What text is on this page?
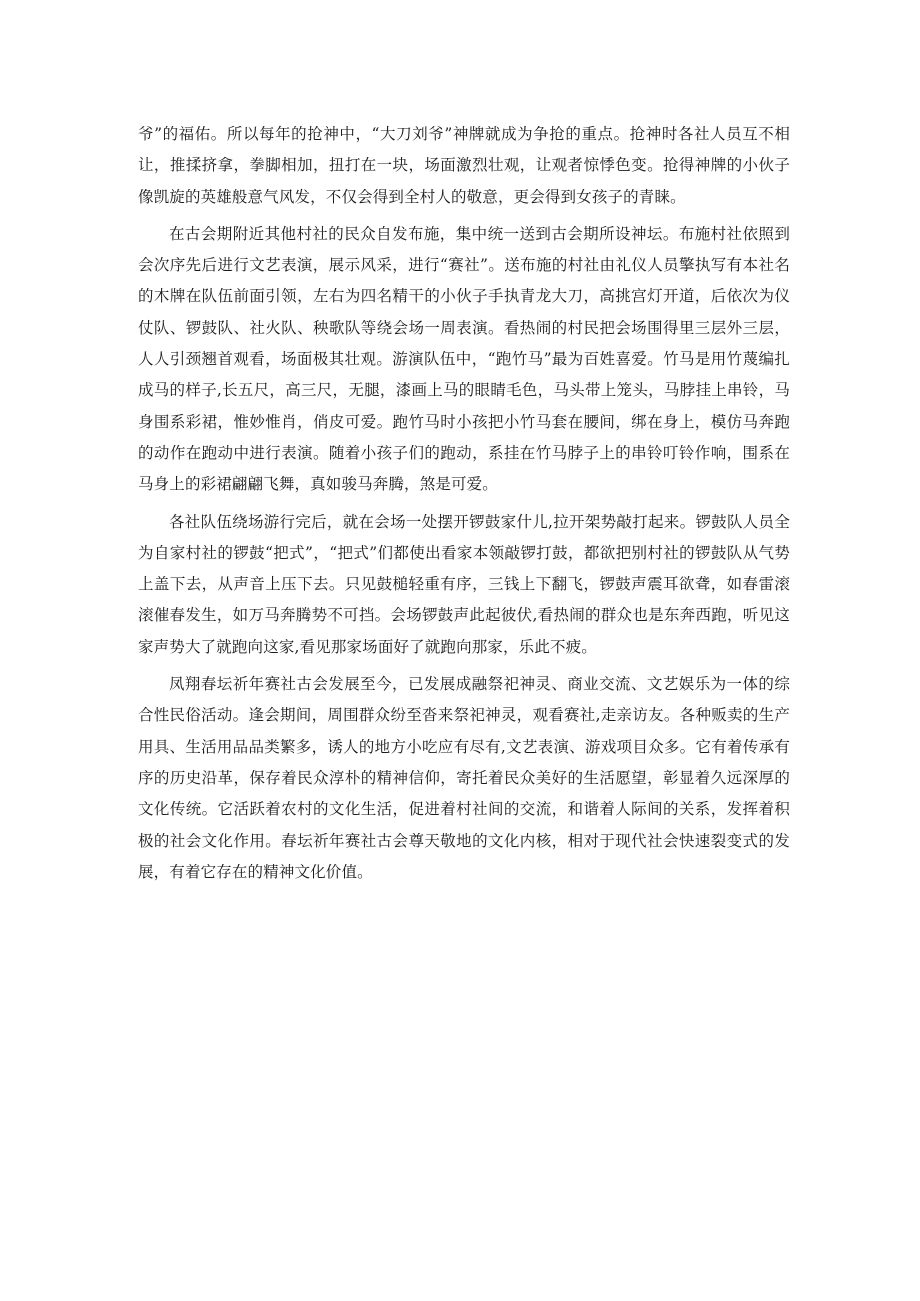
爷”的福佑。所以每年的抢神中，“大刀刘爷”神牌就成为争抢的重点。抢神时各社人员互不相让，推揉挤拿，拳脚相加，扭打在一块，场面激烈壮观，让观者惊悸色变。抢得神牌的小伙子像凯旋的英雄般意气风发，不仅会得到全村人的敬意，更会得到女孩子的青睐。

在古会期附近其他村社的民众自发布施，集中统一送到古会期所设神坛。布施村社依照到会次序先后进行文艺表演，展示风采，进行“赛社”。送布施的村社由礼仪人员擎执写有本社名的木牌在队伍前面引领，左右为四名精干的小伙子手执青龙大刀，高挑宫灯开道，后依次为仪仗队、锣鼓队、社火队、秧歌队等绕会场一周表演。看热闹的村民把会场围得里三层外三层，人人引颈翘首观看，场面极其壮观。游演队伍中，“跑竹马”最为百姓喜爱。竹马是用竹蔑编扎成马的样子,长五尺，高三尺，无腿，漆画上马的眼睛毛色，马头带上笼头，马脖挂上串铃，马身围系彩裙，惟妙惟肖，俏皮可爱。跑竹马时小孩把小竹马套在腰间，绑在身上，模仿马奔跑的动作在跑动中进行表演。随着小孩子们的跑动，系挂在竹马脖子上的串铃叮铃作响，围系在马身上的彩裙翩翩飞舞，真如骏马奔腾，煞是可爱。

各社队伍绕场游行完后，就在会场一处摆开锣鼓家什儿,拉开架势敲打起来。锣鼓队人员全为自家村社的锣鼓“把式”，“把式”们都使出看家本领敲锣打鼓，都欲把别村社的锣鼓队从气势上盖下去，从声音上压下去。只见鼓槌轻重有序，三钱上下翻飞，锣鼓声震耳欲聋，如春雷滚滚催春发生，如万马奔腾势不可挡。会场锣鼓声此起彼伏,看热闹的群众也是东奔西跑，听见这家声势大了就跑向这家,看见那家场面好了就跑向那家，乐此不疲。

凤翔春坛祈年赛社古会发展至今，已发展成融祭祀神灵、商业交流、文艺娱乐为一体的综合性民俗活动。逢会期间，周围群众纷至沓来祭祀神灵，观看赛社,走亲访友。各种贩卖的生产用具、生活用品品类繁多，诱人的地方小吃应有尽有,文艺表演、游戏项目众多。它有着传承有序的历史沿革，保存着民众淳朴的精神信仰，寄托着民众美好的生活愿望，彰显着久远深厚的文化传统。它活跃着农村的文化生活，促进着村社间的交流，和谐着人际间的关系，发挥着积极的社会文化作用。春坛祈年赛社古会尊天敬地的文化内核，相对于现代社会快速裂变式的发展，有着它存在的精神文化价值。
